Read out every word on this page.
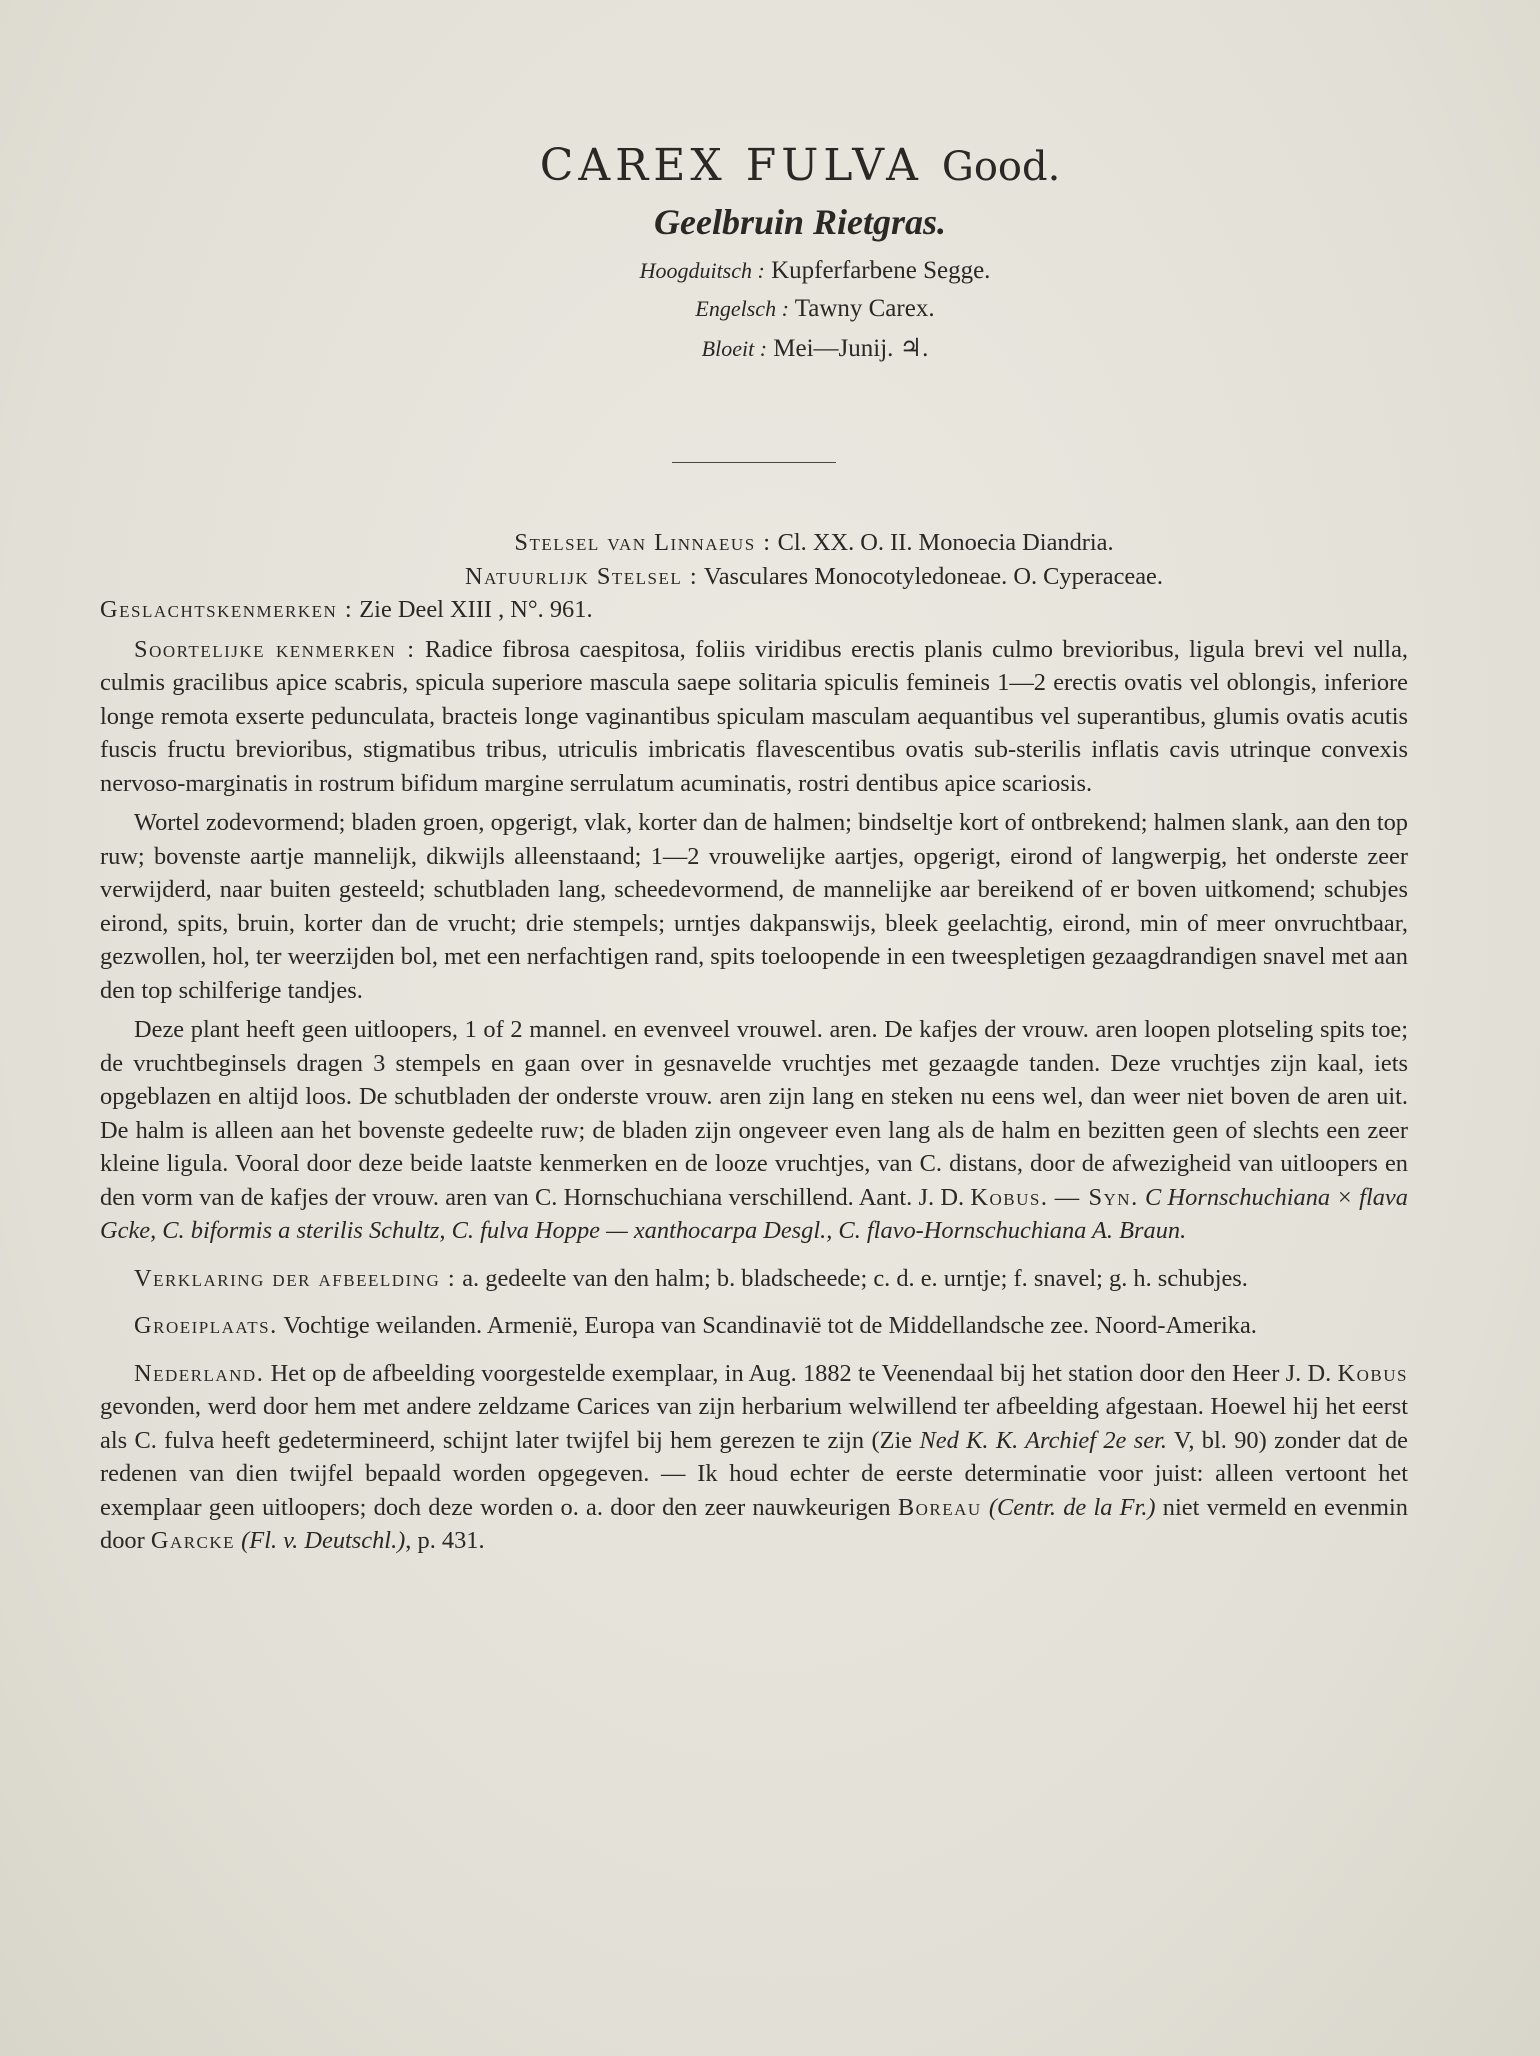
CAREX FULVA Good.
Geelbruin Rietgras.
Hoogduitsch : Kupferfarbene Segge.
Engelsch : Tawny Carex.
Bloeit : Mei—Junij. ♃.
Stelsel van Linnaeus : Cl. XX. O. II. Monoecia Diandria.
Natuurlijk Stelsel : Vasculares Monocotyledoneae. O. Cyperaceae.

Geslachtskenmerken : Zie Deel XIII , N°. 961.

Soortelijke kenmerken : Radice fibrosa caespitosa, foliis viridibus erectis planis culmo brevioribus, ligula brevi vel nulla, culmis gracilibus apice scabris, spicula superiore mascula saepe solitaria spiculis femineis 1—2 erectis ovatis vel oblongis, inferiore longe remota exserte pedunculata, bracteis longe vaginantibus spiculam masculam aequantibus vel superantibus, glumis ovatis acutis fuscis fructu brevioribus, stigmatibus tribus, utriculis imbricatis flavescentibus ovatis sub-sterilis inflatis cavis utrinque convexis nervoso-marginatis in rostrum bifidum margine serrulatum acuminatis, rostri dentibus apice scariosis.

Wortel zodevormend; bladen groen, opgerigt, vlak, korter dan de halmen; bindseltje kort of ontbrekend; halmen slank, aan den top ruw; bovenste aartje mannelijk, dikwijls alleenstaand; 1—2 vrouwelijke aartjes, opgerigt, eirond of langwerpig, het onderste zeer verwijderd, naar buiten gesteeld; schutbladen lang, scheedevormend, de mannelijke aar bereikend of er boven uitkomend; schubjes eirond, spits, bruin, korter dan de vrucht; drie stempels; urntjes dakpanswijs, bleek geelachtig, eirond, min of meer onvruchtbaar, gezwollen, hol, ter weerzijden bol, met een nerfachtigen rand, spits toeloopende in een tweespletigen gezaagdrandigen snavel met aan den top schilferige tandjes.

Deze plant heeft geen uitloopers, 1 of 2 mannel. en evenveel vrouwel. aren. De kafjes der vrouw. aren loopen plotseling spits toe; de vruchtbeginsels dragen 3 stempels en gaan over in gesnavelde vruchtjes met gezaagde tanden. Deze vruchtjes zijn kaal, iets opgeblazen en altijd loos. De schutbladen der onderste vrouw. aren zijn lang en steken nu eens wel, dan weer niet boven de aren uit. De halm is alleen aan het bovenste gedeelte ruw; de bladen zijn ongeveer even lang als de halm en bezitten geen of slechts een zeer kleine ligula. Vooral door deze beide laatste kenmerken en de looze vruchtjes, van C. distans, door de afwezigheid van uitloopers en den vorm van de kafjes der vrouw. aren van C. Hornschuchiana verschillend. Aant. J. D. Kobus. — Syn. C Hornschuchiana × flava Gcke, C. biformis a sterilis Schultz, C. fulva Hoppe — xanthocarpa Desgl., C. flavo-Hornschuchiana A. Braun.

Verklaring der afbeelding : a. gedeelte van den halm; b. bladscheede; c. d. e. urntje; f. snavel; g. h. schubjes.

Groeiplaats. Vochtige weilanden. Armenië, Europa van Scandinavië tot de Middellandsche zee. Noord-Amerika.

Nederland. Het op de afbeelding voorgestelde exemplaar, in Aug. 1882 te Veenendaal bij het station door den Heer J. D. Kobus gevonden, werd door hem met andere zeldzame Carices van zijn herbarium welwillend ter afbeelding afgestaan. Hoewel hij het eerst als C. fulva heeft gedetermineerd, schijnt later twijfel bij hem gerezen te zijn (Zie Ned K. K. Archief 2e ser. V, bl. 90) zonder dat de redenen van dien twijfel bepaald worden opgegeven. — Ik houd echter de eerste determinatie voor juist: alleen vertoont het exemplaar geen uitloopers; doch deze worden o. a. door den zeer nauwkeurigen Boreau (Centr. de la Fr.) niet vermeld en evenmin door Garcke (Fl. v. Deutschl.), p. 431.
